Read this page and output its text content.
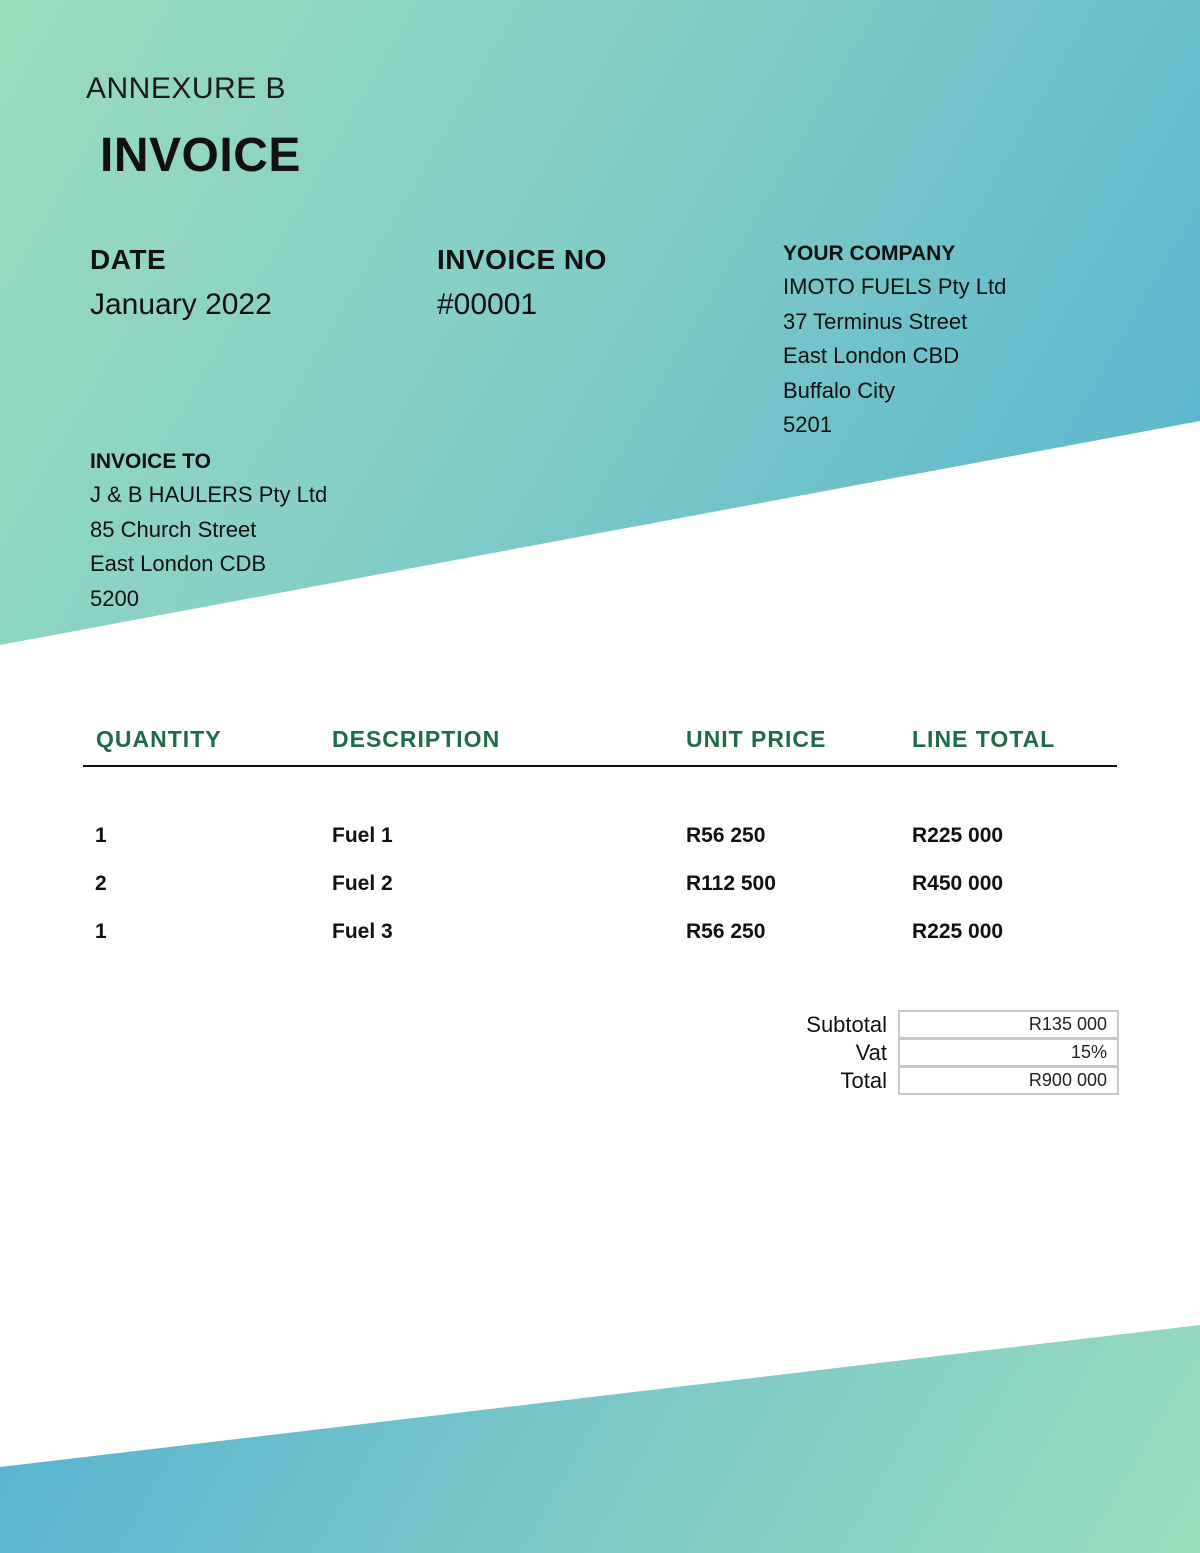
ANNEXURE B
INVOICE
DATE
January 2022
INVOICE NO
#00001
YOUR COMPANY
IMOTO FUELS Pty Ltd
37 Terminus Street
East London CBD
Buffalo City
5201
INVOICE TO
J & B HAULERS Pty Ltd
85 Church Street
East London CDB
5200
QUANTITY	DESCRIPTION	UNIT PRICE	LINE TOTAL
1	Fuel 1	R56 250	R225 000
2	Fuel 2	R112 500	R450 000
1	Fuel 3	R56 250	R225 000
Subtotal	R135 000
Vat	15%
Total	R900 000
